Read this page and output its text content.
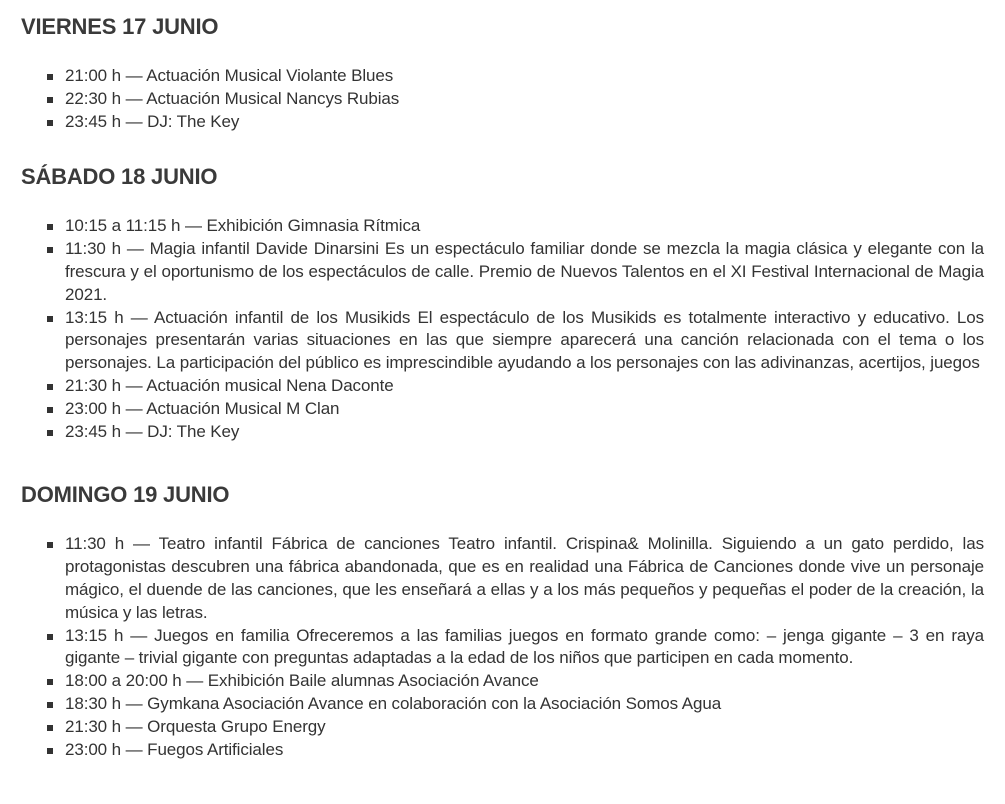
VIERNES 17 JUNIO
21:00 h — Actuación Musical Violante Blues
22:30 h — Actuación Musical Nancys Rubias
23:45 h — DJ: The Key
SÁBADO 18 JUNIO
10:15 a 11:15 h — Exhibición Gimnasia Rítmica
11:30 h — Magia infantil Davide Dinarsini Es un espectáculo familiar donde se mezcla la magia clásica y elegante con la frescura y el oportunismo de los espectáculos de calle. Premio de Nuevos Talentos en el XI Festival Internacional de Magia 2021.
13:15 h — Actuación infantil de los Musikids El espectáculo de los Musikids es totalmente interactivo y educativo. Los personajes presentarán varias situaciones en las que siempre aparecerá una canción relacionada con el tema o los personajes. La participación del público es imprescindible ayudando a los personajes con las adivinanzas, acertijos, juegos
21:30 h — Actuación musical Nena Daconte
23:00 h — Actuación Musical M Clan
23:45 h — DJ: The Key
DOMINGO 19 JUNIO
11:30 h — Teatro infantil Fábrica de canciones Teatro infantil. Crispina& Molinilla. Siguiendo a un gato perdido, las protagonistas descubren una fábrica abandonada, que es en realidad una Fábrica de Canciones donde vive un personaje mágico, el duende de las canciones, que les enseñará a ellas y a los más pequeños y pequeñas el poder de la creación, la música y las letras.
13:15 h — Juegos en familia Ofreceremos a las familias juegos en formato grande como: – jenga gigante – 3 en raya gigante – trivial gigante con preguntas adaptadas a la edad de los niños que participen en cada momento.
18:00 a 20:00 h — Exhibición Baile alumnas Asociación Avance
18:30 h — Gymkana Asociación Avance en colaboración con la Asociación Somos Agua
21:30 h — Orquesta Grupo Energy
23:00 h — Fuegos Artificiales
